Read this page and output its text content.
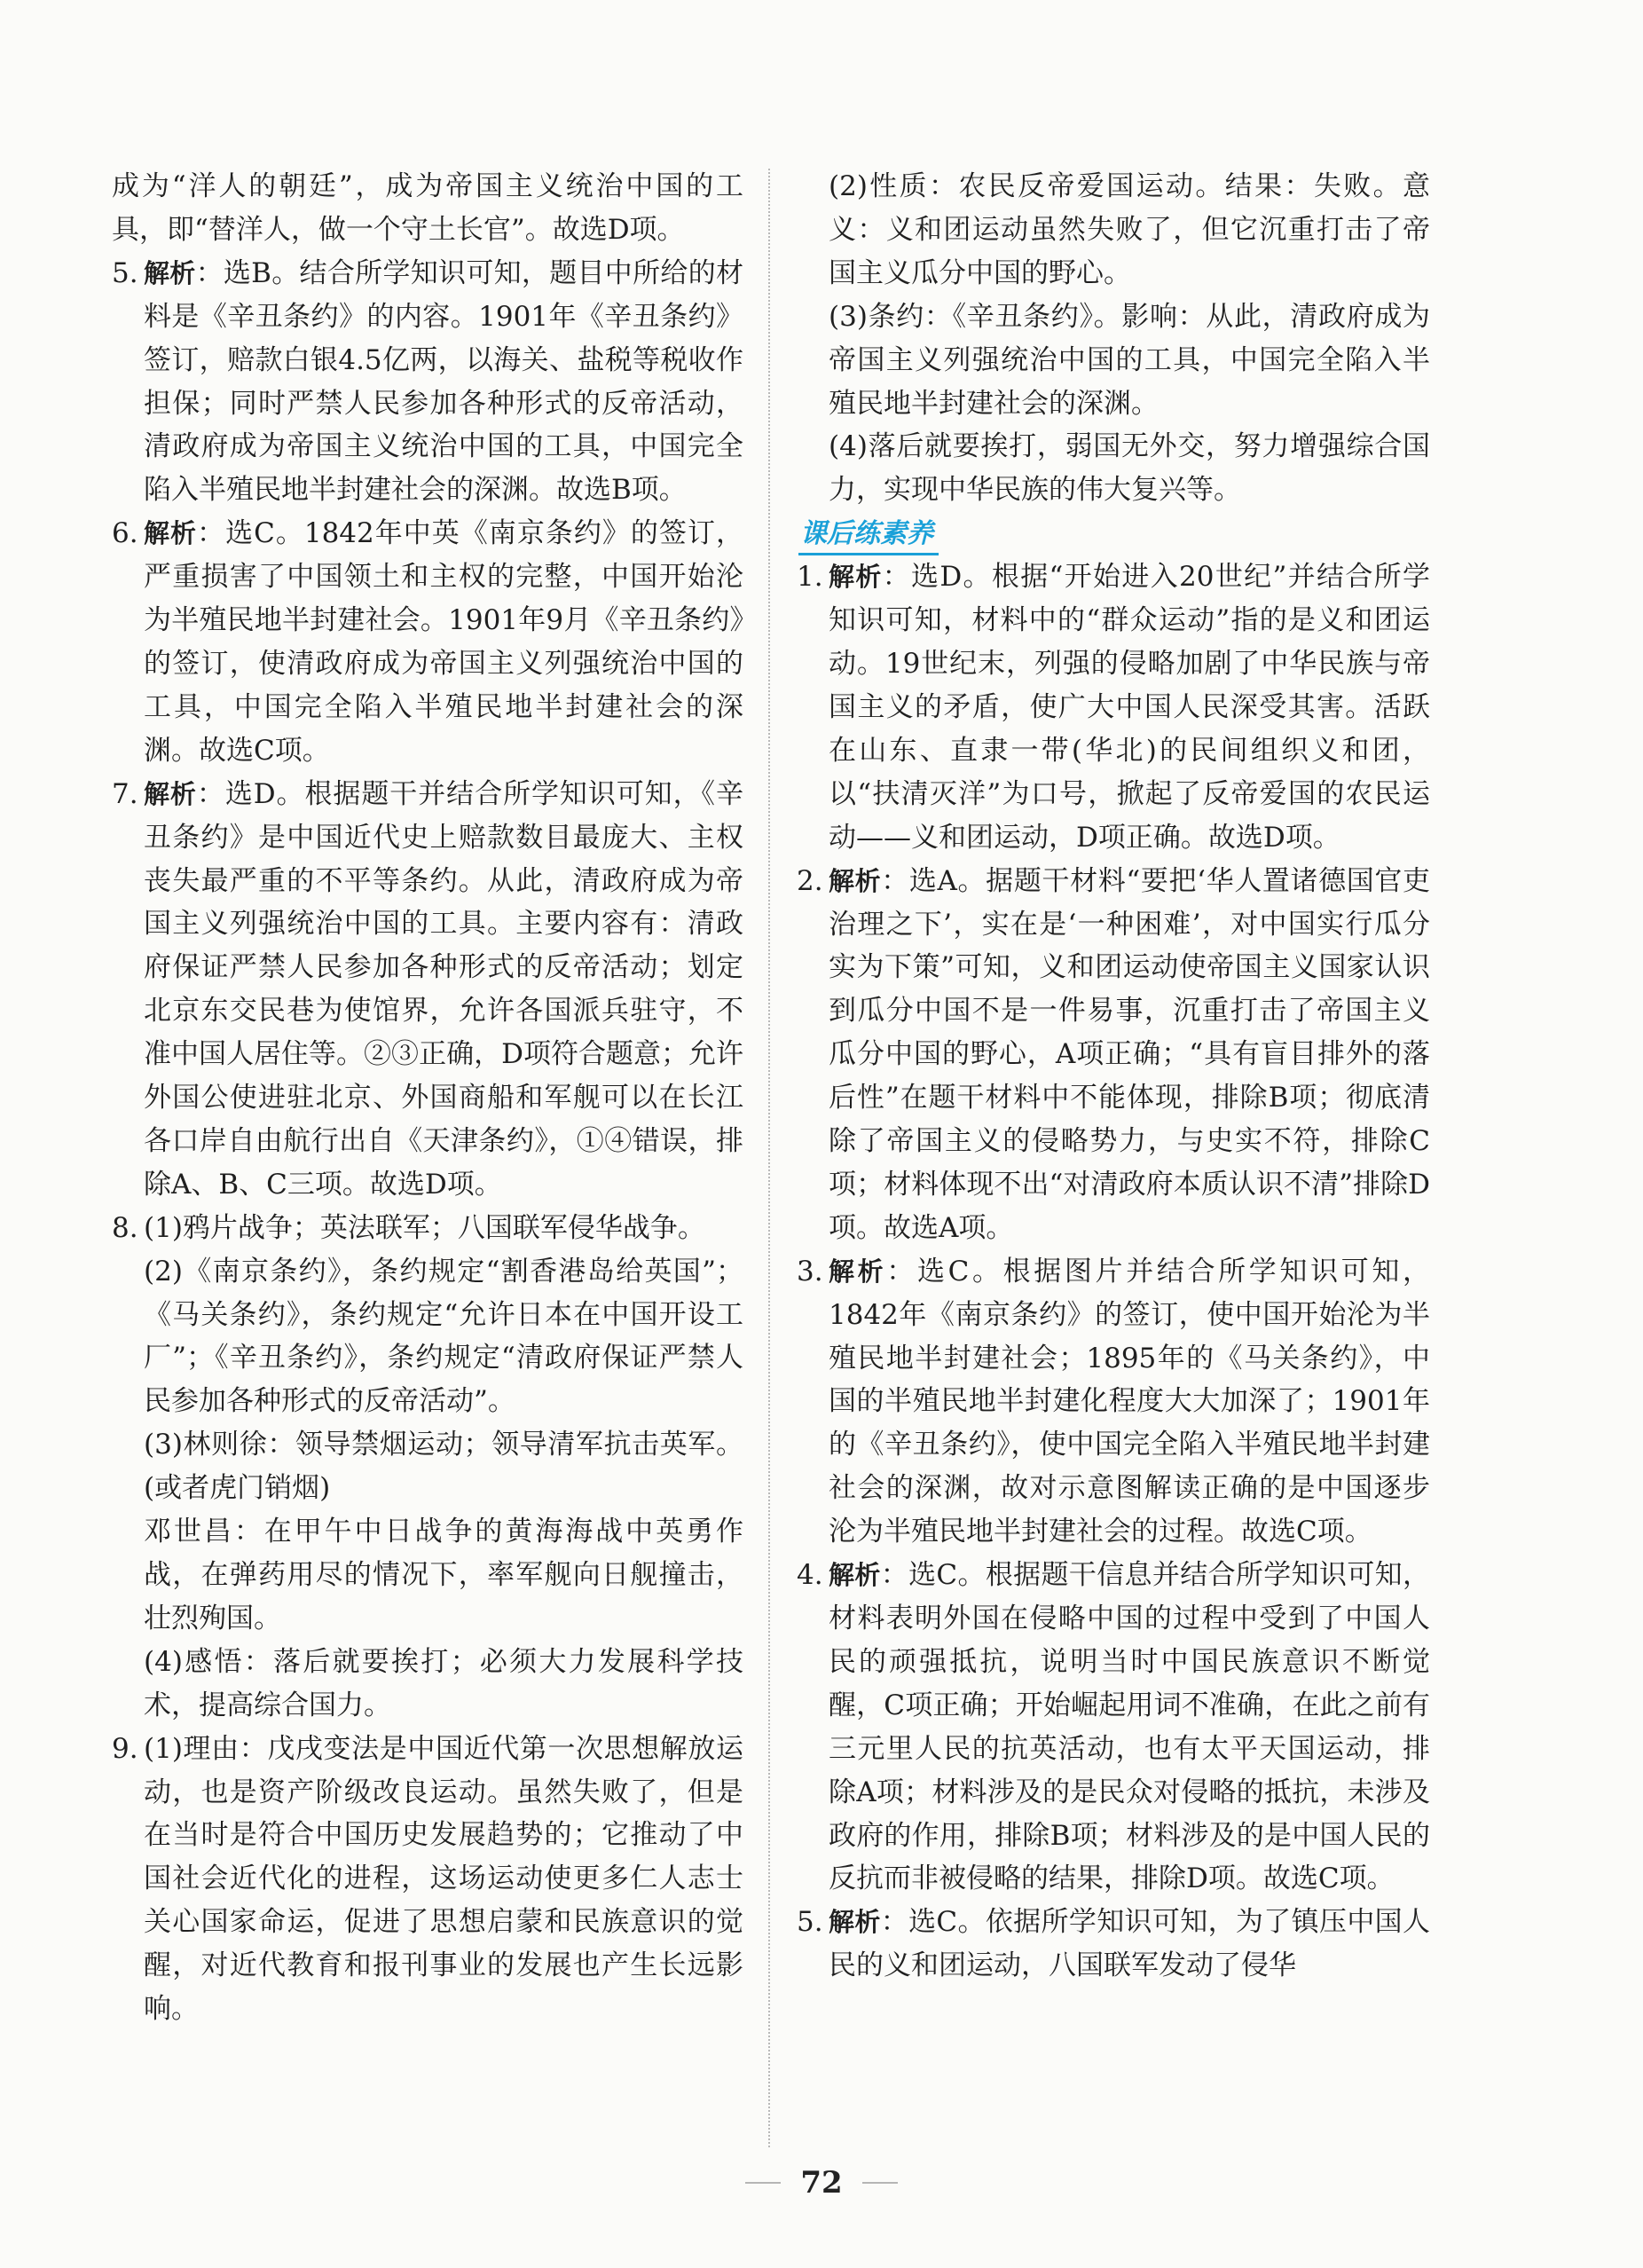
成为“洋人的朝廷”，成为帝国主义统治中国的工具，即“替洋人，做一个守土长官”。故选D项。
5 . 解析：选B。结合所学知识可知，题目中所给的材料是《辛丑条约》的内容。1901年《辛丑条约》签订，赔款白银4.5亿两，以海关、盐税等税收作担保；同时严禁人民参加各种形式的反帝活动，清政府成为帝国主义统治中国的工具，中国完全陷入半殖民地半封建社会的深渊。故选B项。
6 . 解析：选C。1842年中英《南京条约》的签订，严重损害了中国领土和主权的完整，中国开始沦为半殖民地半封建社会。1901年9月《辛丑条约》的签订，使清政府成为帝国主义列强统治中国的工具，中国完全陷入半殖民地半封建社会的深渊。故选C项。
7 . 解析：选D。根据题干并结合所学知识可知，《辛丑条约》是中国近代史上赔款数目最庞大、主权丧失最严重的不平等条约。从此，清政府成为帝国主义列强统治中国的工具。主要内容有：清政府保证严禁人民参加各种形式的反帝活动；划定北京东交民巷为使馆界，允许各国派兵驻守，不准中国人居住等。②③正确，D项符合题意；允许外国公使进驻北京、外国商船和军舰可以在长江各口岸自由航行出自《天津条约》，①④错误，排除A、B、C三项。故选D项。
8 . (1)鸦片战争；英法联军；八国联军侵华战争。
(2)《南京条约》，条约规定“割香港岛给英国”；《马关条约》，条约规定“允许日本在中国开设工厂”；《辛丑条约》，条约规定“清政府保证严禁人民参加各种形式的反帝活动”。
(3)林则徐：领导禁烟运动；领导清军抗击英军。(或者虎门销烟)
邓世昌：在甲午中日战争的黄海海战中英勇作战，在弹药用尽的情况下，率军舰向日舰撞击，壮烈殉国。
(4)感悟：落后就要挨打；必须大力发展科学技术，提高综合国力。
9 . (1)理由：戊戌变法是中国近代第一次思想解放运动，也是资产阶级改良运动。虽然失败了，但是在当时是符合中国历史发展趋势的；它推动了中国社会近代化的进程，这场运动使更多仁人志士关心国家命运，促进了思想启蒙和民族意识的觉醒，对近代教育和报刊事业的发展也产生长远影响。
(2)性质：农民反帝爱国运动。结果：失败。意义：义和团运动虽然失败了，但它沉重打击了帝国主义瓜分中国的野心。
(3)条约：《辛丑条约》。影响：从此，清政府成为帝国主义列强统治中国的工具，中国完全陷入半殖民地半封建社会的深渊。
(4)落后就要挨打，弱国无外交，努力增强综合国力，实现中华民族的伟大复兴等。
课后练素养
1 . 解析：选D。根据“开始进入20世纪”并结合所学知识可知，材料中的“群众运动”指的是义和团运动。19世纪末，列强的侵略加剧了中华民族与帝国主义的矛盾，使广大中国人民深受其害。活跃在山东、直隶一带(华北)的民间组织义和团，以“扶清灭洋”为口号，掀起了反帝爱国的农民运动——义和团运动，D项正确。故选D项。
2 . 解析：选A。据题干材料“要把‘华人置诸德国官吏治理之下’，实在是‘一种困难’，对中国实行瓜分实为下策”可知，义和团运动使帝国主义国家认识到瓜分中国不是一件易事，沉重打击了帝国主义瓜分中国的野心，A项正确；“具有盲目排外的落后性”在题干材料中不能体现，排除B项；彻底清除了帝国主义的侵略势力，与史实不符，排除C项；材料体现不出“对清政府本质认识不清”排除D项。故选A项。
3 . 解析：选C。根据图片并结合所学知识可知，1842年《南京条约》的签订，使中国开始沦为半殖民地半封建社会；1895年的《马关条约》，中国的半殖民地半封建化程度大大加深了；1901年的《辛丑条约》，使中国完全陷入半殖民地半封建社会的深渊，故对示意图解读正确的是中国逐步沦为半殖民地半封建社会的过程。故选C项。
4 . 解析：选C。根据题干信息并结合所学知识可知，材料表明外国在侵略中国的过程中受到了中国人民的顽强抵抗，说明当时中国民族意识不断觉醒，C项正确；开始崛起用词不准确，在此之前有三元里人民的抗英活动，也有太平天国运动，排除A项；材料涉及的是民众对侵略的抵抗，未涉及政府的作用，排除B项；材料涉及的是中国人民的反抗而非被侵略的结果，排除D项。故选C项。
5 . 解析：选C。依据所学知识可知，为了镇压中国人民的义和团运动，八国联军发动了侵华
72
